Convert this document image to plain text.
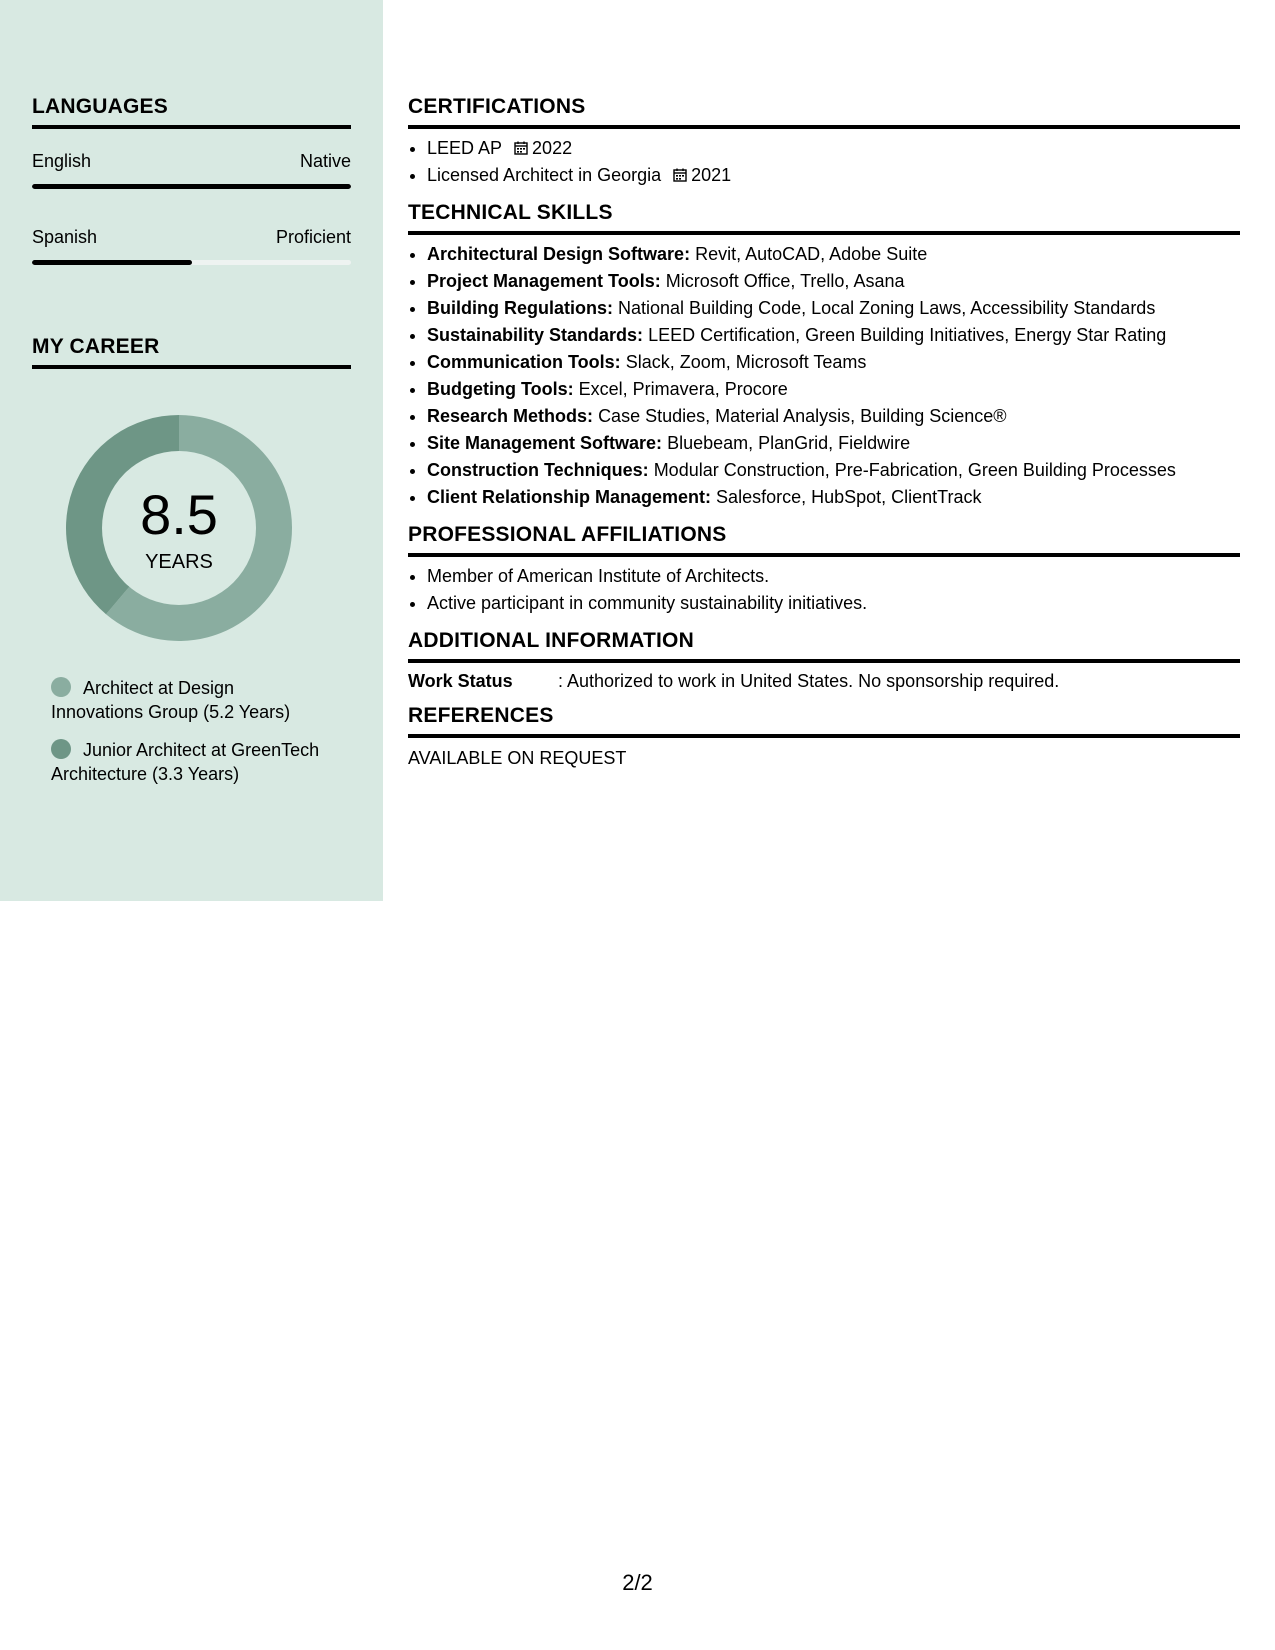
LANGUAGES
English	Native
Spanish	Proficient
MY CAREER
8.5
YEARS
Architect at Design Innovations Group (5.2 Years)
Junior Architect at GreenTech Architecture (3.3 Years)
CERTIFICATIONS
• LEED AP 2022
• Licensed Architect in Georgia 2021
TECHNICAL SKILLS
• Architectural Design Software: Revit, AutoCAD, Adobe Suite
• Project Management Tools: Microsoft Office, Trello, Asana
• Building Regulations: National Building Code, Local Zoning Laws, Accessibility Standards
• Sustainability Standards: LEED Certification, Green Building Initiatives, Energy Star Rating
• Communication Tools: Slack, Zoom, Microsoft Teams
• Budgeting Tools: Excel, Primavera, Procore
• Research Methods: Case Studies, Material Analysis, Building Science®
• Site Management Software: Bluebeam, PlanGrid, Fieldwire
• Construction Techniques: Modular Construction, Pre-Fabrication, Green Building Processes
• Client Relationship Management: Salesforce, HubSpot, ClientTrack
PROFESSIONAL AFFILIATIONS
• Member of American Institute of Architects.
• Active participant in community sustainability initiatives.
ADDITIONAL INFORMATION
Work Status	: Authorized to work in United States. No sponsorship required.
REFERENCES
AVAILABLE ON REQUEST
2/2
